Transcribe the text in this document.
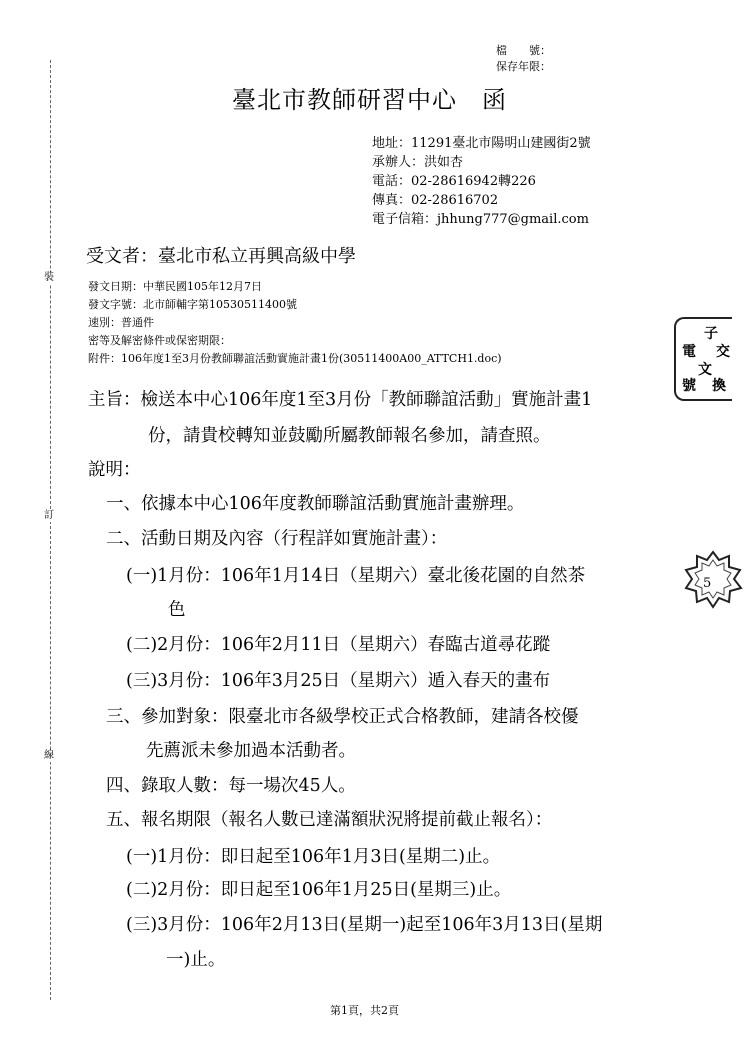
裝
訂
線
檔　　號：
保存年限：
臺北市教師研習中心　函
地址：11291臺北市陽明山建國街2號
承辦人：洪如杏
電話：02-28616942轉226
傳真：02-28616702
電子信箱：jhhung777@gmail.com
受文者：臺北市私立再興高級中學
發文日期：中華民國105年12月7日
發文字號：北市師輔字第10530511400號
速別：普通件
密等及解密條件或保密期限：
附件：106年度1至3月份教師聯誼活動實施計畫1份(30511400A00_ATTCH1.doc)	電
子
交
文
換
號
5
主旨：檢送本中心106年度1至3月份「教師聯誼活動」實施計畫1
份，請貴校轉知並鼓勵所屬教師報名參加，請查照。
說明：
一、依據本中心106年度教師聯誼活動實施計畫辦理。
二、活動日期及內容（行程詳如實施計畫）：
(一)1月份：106年1月14日（星期六）臺北後花園的自然茶
色
(二)2月份：106年2月11日（星期六）春臨古道尋花蹤
(三)3月份：106年3月25日（星期六）遁入春天的畫布
三、參加對象：限臺北市各級學校正式合格教師，建請各校優
先薦派未參加過本活動者。
四、錄取人數：每一場次45人。
五、報名期限（報名人數已達滿額狀況將提前截止報名）：
(一)1月份：即日起至106年1月3日(星期二)止。
(二)2月份：即日起至106年1月25日(星期三)止。
(三)3月份：106年2月13日(星期一)起至106年3月13日(星期
一)止。
第1頁，共2頁
